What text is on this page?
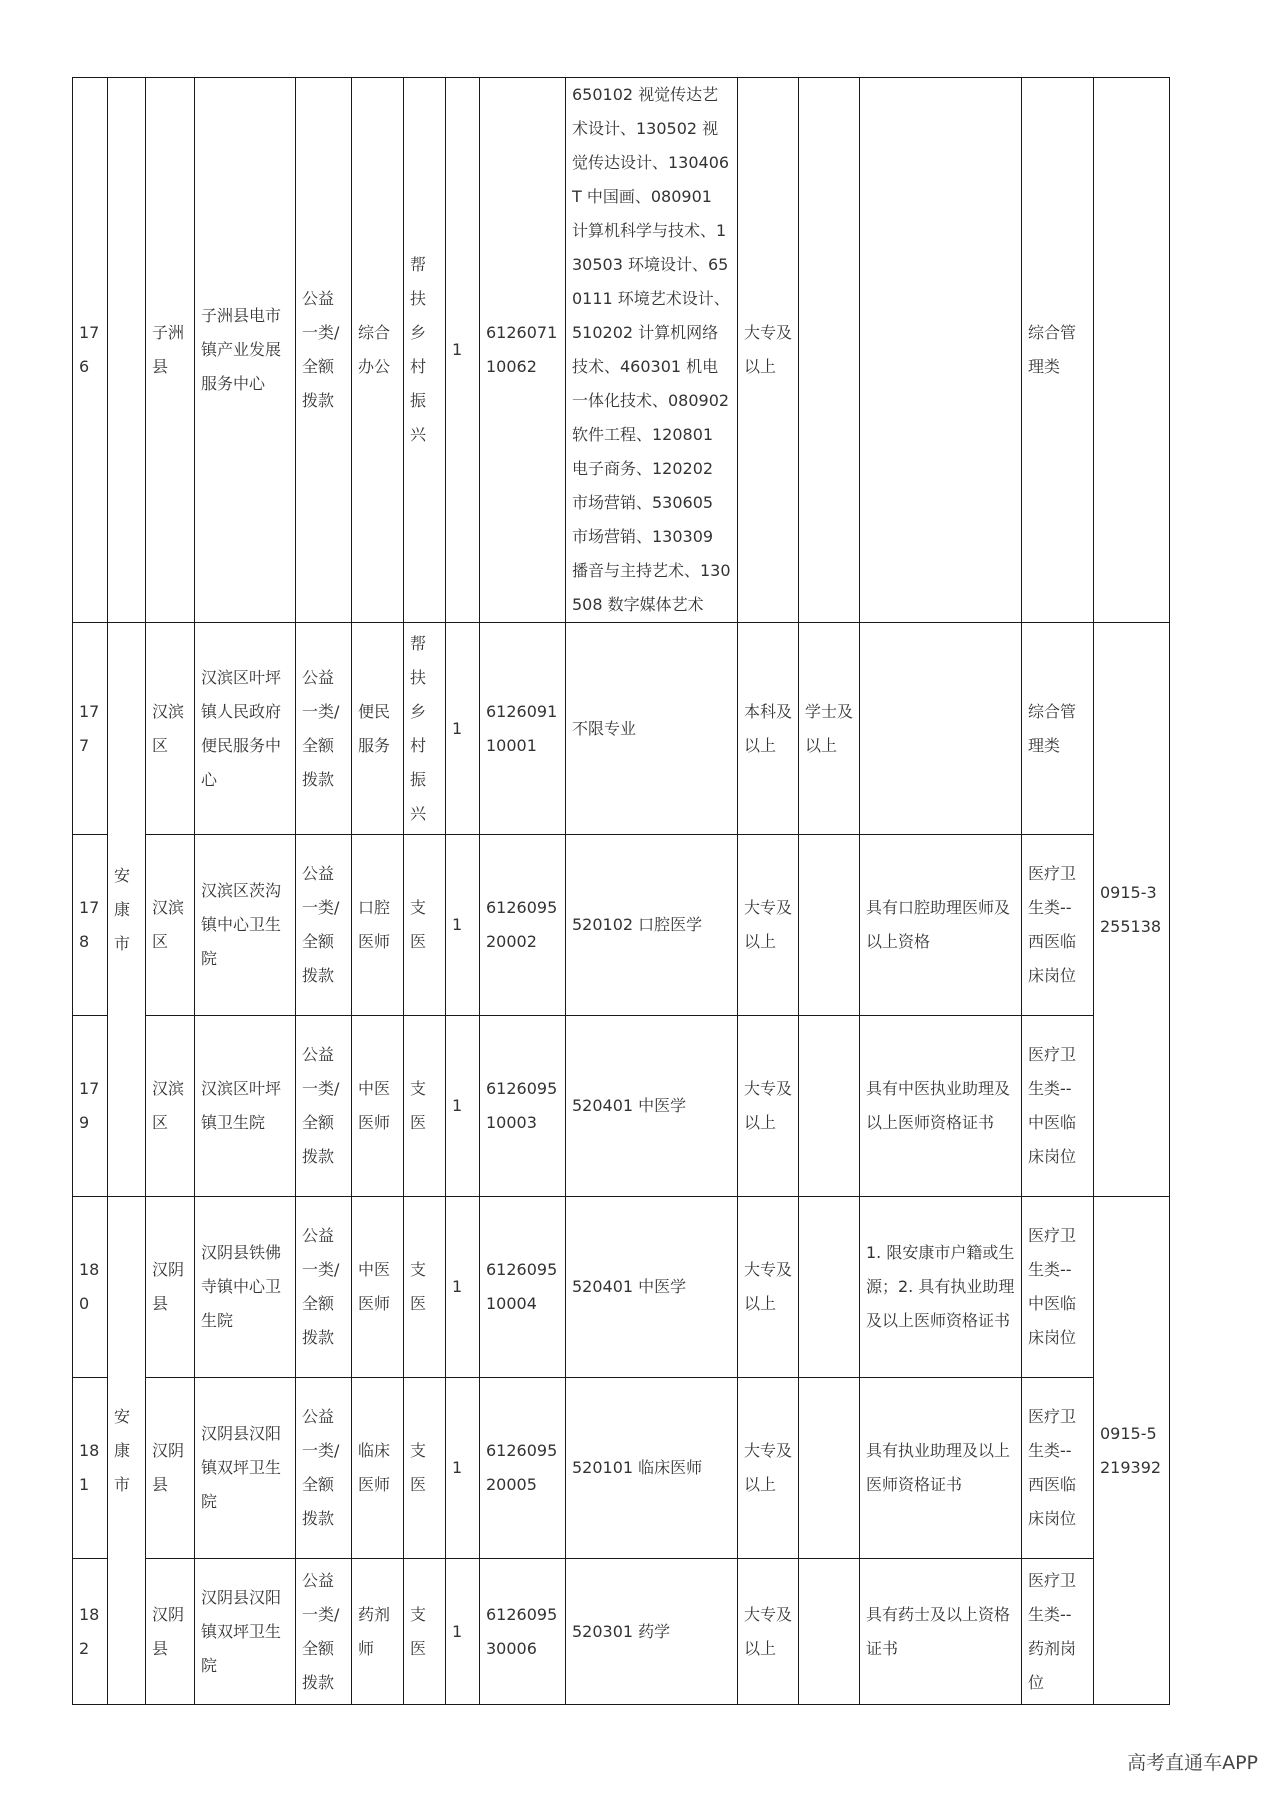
176		子洲县	子洲县电市镇产业发展服务中心	公益一类/全额拨款	综合办公	帮扶乡村振兴	1	612607110062	650102 视觉传达艺术设计、130502 视觉传达设计、130406T 中国画、080901 计算机科学与技术、130503 环境设计、650111 环境艺术设计、510202 计算机网络技术、460301 机电一体化技术、080902 软件工程、120801 电子商务、120202 市场营销、530605 市场营销、130309 播音与主持艺术、130508 数字媒体艺术	大专及以上			综合管理类	
177	安康市	汉滨区	汉滨区叶坪镇人民政府便民服务中心	公益一类/全额拨款	便民服务	帮扶乡村振兴	1	612609110001	不限专业	本科及以上	学士及以上		综合管理类	0915-3255138
178		汉滨区	汉滨区茨沟镇中心卫生院	公益一类/全额拨款	口腔医师	支医	1	612609520002	520102 口腔医学	大专及以上		具有口腔助理医师及以上资格	医疗卫生类--西医临床岗位	
179		汉滨区	汉滨区叶坪镇卫生院	公益一类/全额拨款	中医医师	支医	1	612609510003	520401 中医学	大专及以上		具有中医执业助理及以上医师资格证书	医疗卫生类--中医临床岗位	
180	安康市	汉阴县	汉阴县铁佛寺镇中心卫生院	公益一类/全额拨款	中医医师	支医	1	612609510004	520401 中医学	大专及以上		1. 限安康市户籍或生源；2. 具有执业助理及以上医师资格证书	医疗卫生类--中医临床岗位	0915-5219392
181		汉阴县	汉阴县汉阳镇双坪卫生院	公益一类/全额拨款	临床医师	支医	1	612609520005	520101 临床医师	大专及以上		具有执业助理及以上医师资格证书	医疗卫生类--西医临床岗位	
182		汉阴县	汉阴县汉阳镇双坪卫生院	公益一类/全额拨款	药剂师	支医	1	612609530006	520301 药学	大专及以上		具有药士及以上资格证书	医疗卫生类--药剂岗位	
高考直通车APP
